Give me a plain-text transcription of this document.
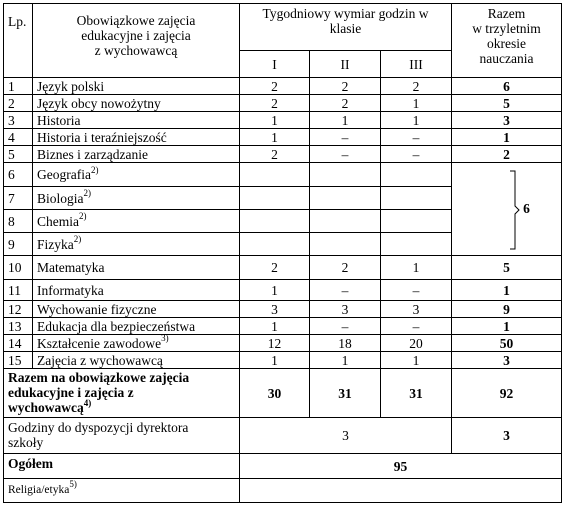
Lp.	Obowiązkowe zajęcia
edukacyjne i zajęcia
z wychowawcą	Tygodniowy wymiar godzin w
klasie			Razem
w trzyletnim
okresie
nauczania

		I	II	III	
1	Język polski	2	2	2	6
2	Język obcy nowożytny	2	2	1	5
3	Historia	1	1	1	3
4	Historia i teraźniejszość	1	–	–	1
5	Biznes i zarządzanie	2	–	–	2
6	Geografia$^{2)}$				6

7	Biologia$^{2)}$			
8	Chemia$^{2)}$			
9	Fizyka$^{2)}$			
10	Matematyka	2	2	1	5
11	Informatyka	1	–	–	1
12	Wychowanie fizyczne	3	3	3	9
13	Edukacja dla bezpieczeństwa	1	–	–	1
14	Kształcenie zawodowe$^{3)}$	12	18	20	50
15	Zajęcia z wychowawcą	1	1	1	3

Razem na obowiązkowe zajęcia
edukacyjne i zajęcia z
wychowawcą$^{4)}$		30	31	31	92

Godziny do dyspozycji dyrektora
szkoły		3			3
Ogółem		95			
Religia/etyka$^{5)}$	
